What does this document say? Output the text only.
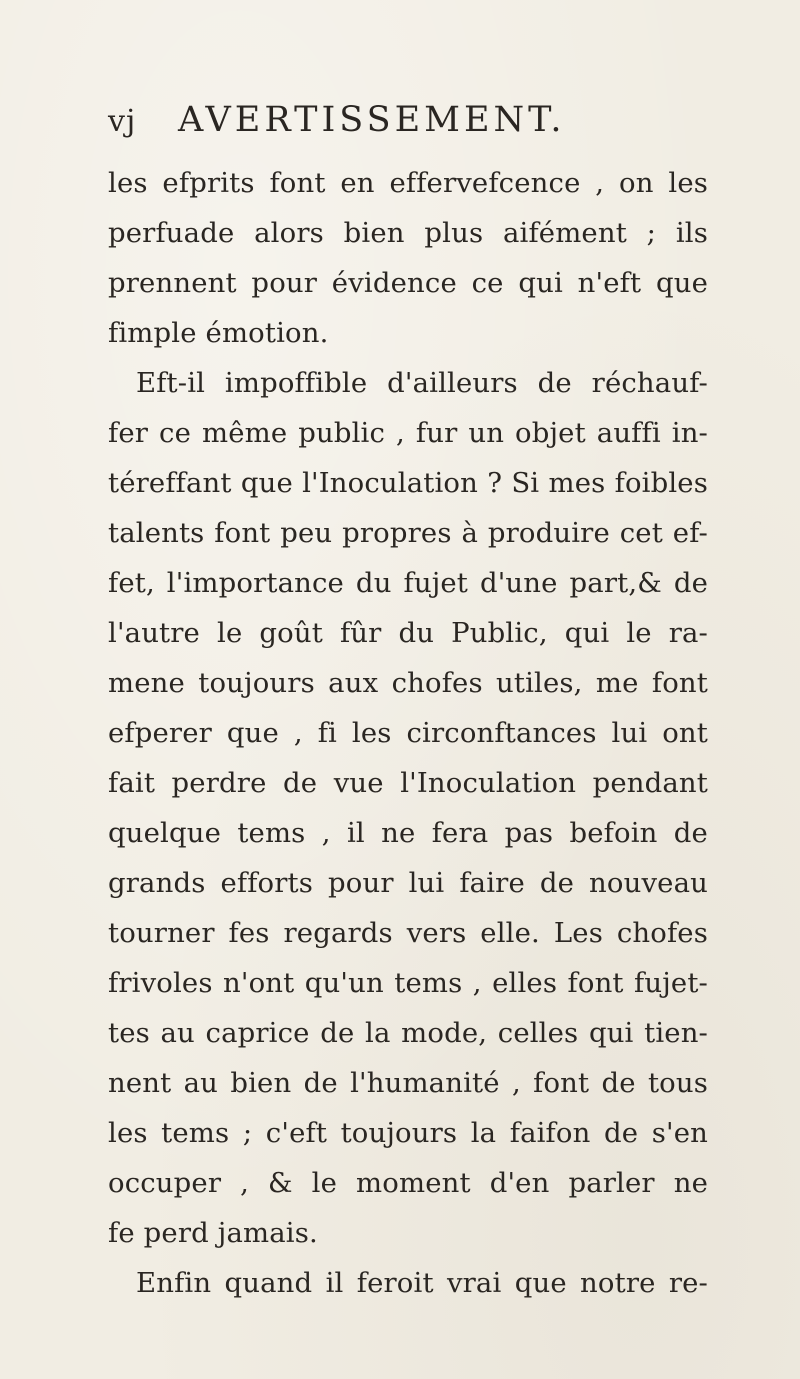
vj	AVERTISSEMENT.
les efprits font en effervefcence , on les
perfuade alors bien plus aifément ; ils
prennent pour évidence ce qui n'eft que
fimple émotion.
Eft-il impoffible d'ailleurs de réchauf-
fer ce même public , fur un objet auffi in-
téreffant que l'Inoculation ? Si mes foibles
talents font peu propres à produire cet ef-
fet, l'importance du fujet d'une part,& de
l'autre le goût fûr du Public, qui le ra-
mene toujours aux chofes utiles, me font
efperer que , fi les circonftances lui ont
fait perdre de vue l'Inoculation pendant
quelque tems , il ne fera pas befoin de
grands efforts pour lui faire de nouveau
tourner fes regards vers elle. Les chofes
frivoles n'ont qu'un tems , elles font fujet-
tes au caprice de la mode, celles qui tien-
nent au bien de l'humanité , font de tous
les tems ; c'eft toujours la faifon de s'en
occuper , & le moment d'en parler ne
fe perd jamais.
Enfin quand il feroit vrai que notre re-
